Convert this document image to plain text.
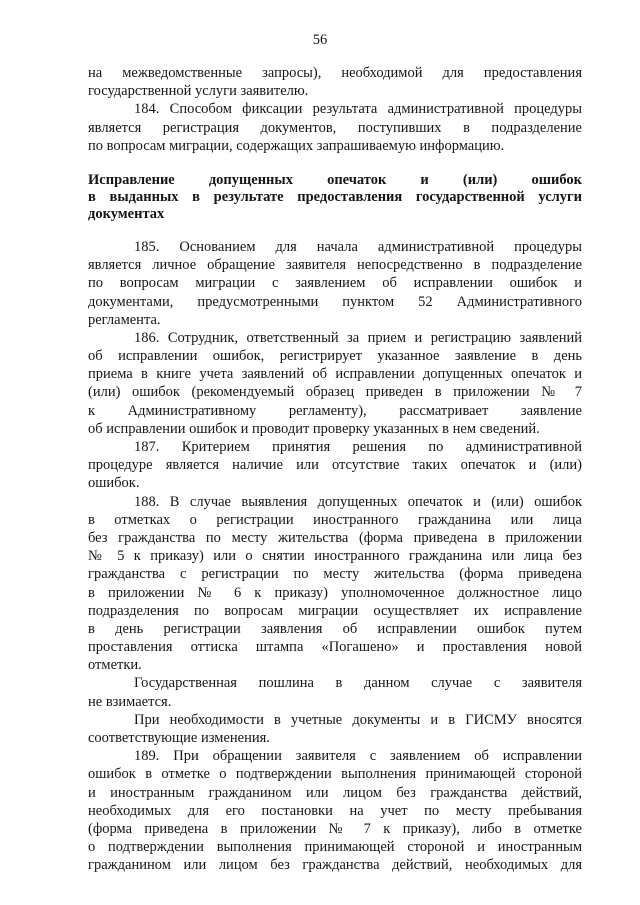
56
на межведомственные запросы), необходимой для предоставления
государственной услуги заявителю.
184. Способом фиксации результата административной процедуры
является регистрация документов, поступивших в подразделение
по вопросам миграции, содержащих запрашиваемую информацию.
Исправление допущенных опечаток и (или) ошибок
в выданных в результате предоставления государственной услуги
документах
185. Основанием для начала административной процедуры
является личное обращение заявителя непосредственно в подразделение
по вопросам миграции с заявлением об исправлении ошибок и
документами, предусмотренными пунктом 52 Административного
регламента.
186. Сотрудник, ответственный за прием и регистрацию заявлений
об исправлении ошибок, регистрирует указанное заявление в день
приема в книге учета заявлений об исправлении допущенных опечаток и
(или) ошибок (рекомендуемый образец приведен в приложении № 7
к Административному регламенту), рассматривает заявление
об исправлении ошибок и проводит проверку указанных в нем сведений.
187. Критерием принятия решения по административной
процедуре является наличие или отсутствие таких опечаток и (или)
ошибок.
188. В случае выявления допущенных опечаток и (или) ошибок
в отметках о регистрации иностранного гражданина или лица
без гражданства по месту жительства (форма приведена в приложении
№ 5 к приказу) или о снятии иностранного гражданина или лица без
гражданства с регистрации по месту жительства (форма приведена
в приложении № 6 к приказу) уполномоченное должностное лицо
подразделения по вопросам миграции осуществляет их исправление
в день регистрации заявления об исправлении ошибок путем
проставления оттиска штампа «Погашено» и проставления новой
отметки.
Государственная пошлина в данном случае с заявителя
не взимается.
При необходимости в учетные документы и в ГИСМУ вносятся
соответствующие изменения.
189. При обращении заявителя с заявлением об исправлении
ошибок в отметке о подтверждении выполнения принимающей стороной
и иностранным гражданином или лицом без гражданства действий,
необходимых для его постановки на учет по месту пребывания
(форма приведена в приложении № 7 к приказу), либо в отметке
о подтверждении выполнения принимающей стороной и иностранным
гражданином или лицом без гражданства действий, необходимых для
